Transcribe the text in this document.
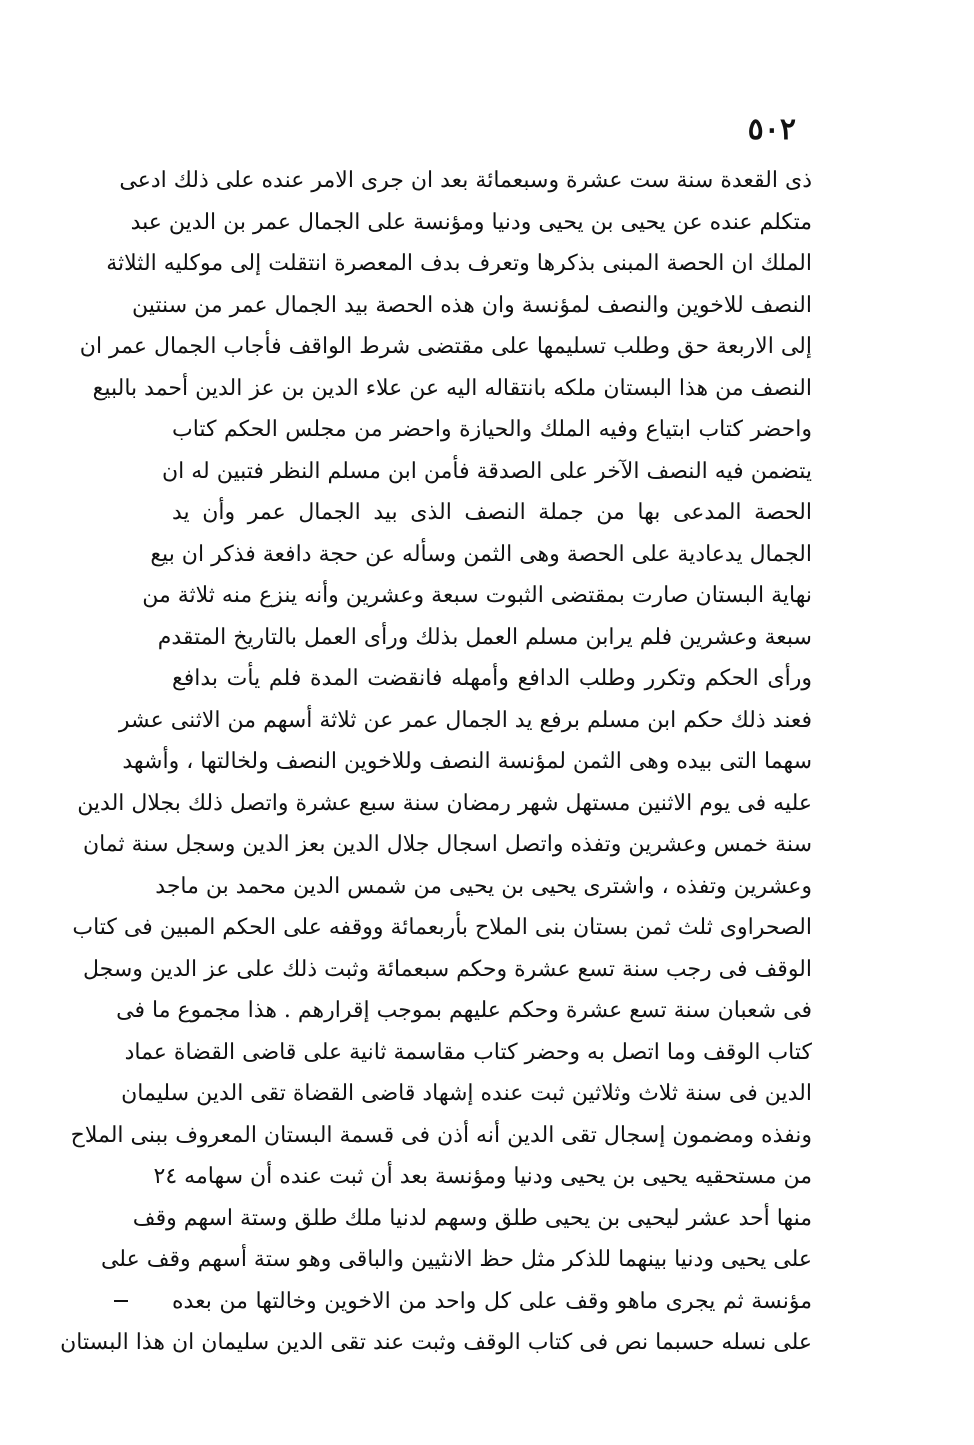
٥٠٢
ذى القعدة سنة ست عشرة وسبعمائة بعد ان جرى الامر عنده على ذلك ادعى
متكلم عنده عن يحيى بن يحيى ودنيا ومؤنسة على الجمال عمر بن الدين عبد
الملك ان الحصة المبنى بذكرها وتعرف بدف المعصرة انتقلت إلى موكليه الثلاثة
النصف للاخوين والنصف لمؤنسة وان هذه الحصة بيد الجمال عمر من سنتين
إلى الاربعة حق وطلب تسليمها على مقتضى شرط الواقف فأجاب الجمال عمر ان
النصف من هذا البستان ملكه بانتقاله اليه عن علاء الدين بن عز الدين أحمد بالبيع
واحضر كتاب ابتياع وفيه الملك والحيازة واحضر من مجلس الحكم كتاب
يتضمن فيه النصف الآخر على الصدقة فأمن ابن مسلم النظر فتبين له ان
الحصة المدعى بها من جملة النصف الذى بيد الجمال عمر وأن يد
الجمال يدعادية على الحصة وهى الثمن وسأله عن حجة دافعة فذكر ان بيع
نهاية البستان صارت بمقتضى الثبوت سبعة وعشرين وأنه ينزع منه ثلاثة من
سبعة وعشرين فلم يرابن مسلم العمل بذلك ورأى العمل بالتاريخ المتقدم
ورأى الحكم وتكرر وطلب الدافع وأمهله فانقضت المدة فلم يأت بدافع
فعند ذلك حكم ابن مسلم برفع يد الجمال عمر عن ثلاثة أسهم من الاثنى عشر
سهما التى بيده وهى الثمن لمؤنسة النصف وللاخوين النصف ولخالتها ، وأشهد
عليه فى يوم الاثنين مستهل شهر رمضان سنة سبع عشرة واتصل ذلك بجلال الدين
سنة خمس وعشرين وتفذه واتصل اسجال جلال الدين بعز الدين وسجل سنة ثمان
وعشرين وتفذه ، واشترى يحيى بن يحيى من شمس الدين محمد بن ماجد
الصحراوى ثلث ثمن بستان بنى الملاح بأربعمائة ووقفه على الحكم المبين فى كتاب
الوقف فى رجب سنة تسع عشرة وحكم سبعمائة وثبت ذلك على عز الدين وسجل
فى شعبان سنة تسع عشرة وحكم عليهم بموجب إقرارهم . هذا مجموع ما فى
كتاب الوقف وما اتصل به وحضر كتاب مقاسمة ثانية على قاضى القضاة عماد
الدين فى سنة ثلاث وثلاثين ثبت عنده إشهاد قاضى القضاة تقى الدين سليمان
ونفذه ومضمون إسجال تقى الدين أنه أذن فى قسمة البستان المعروف ببنى الملاح
من مستحقيه يحيى بن يحيى ودنيا ومؤنسة بعد أن ثبت عنده أن سهامه ٢٤
منها أحد عشر ليحيى بن يحيى طلق وسهم لدنيا ملك طلق وستة اسهم وقف
على يحيى ودنيا بينهما للذكر مثل حظ الانثيين والباقى وهو ستة أسهم وقف على
مؤنسة ثم يجرى ماهو وقف على كل واحد من الاخوين وخالتها من بعده
على نسله حسبما نص فى كتاب الوقف وثبت عند تقى الدين سليمان ان هذا البستان
